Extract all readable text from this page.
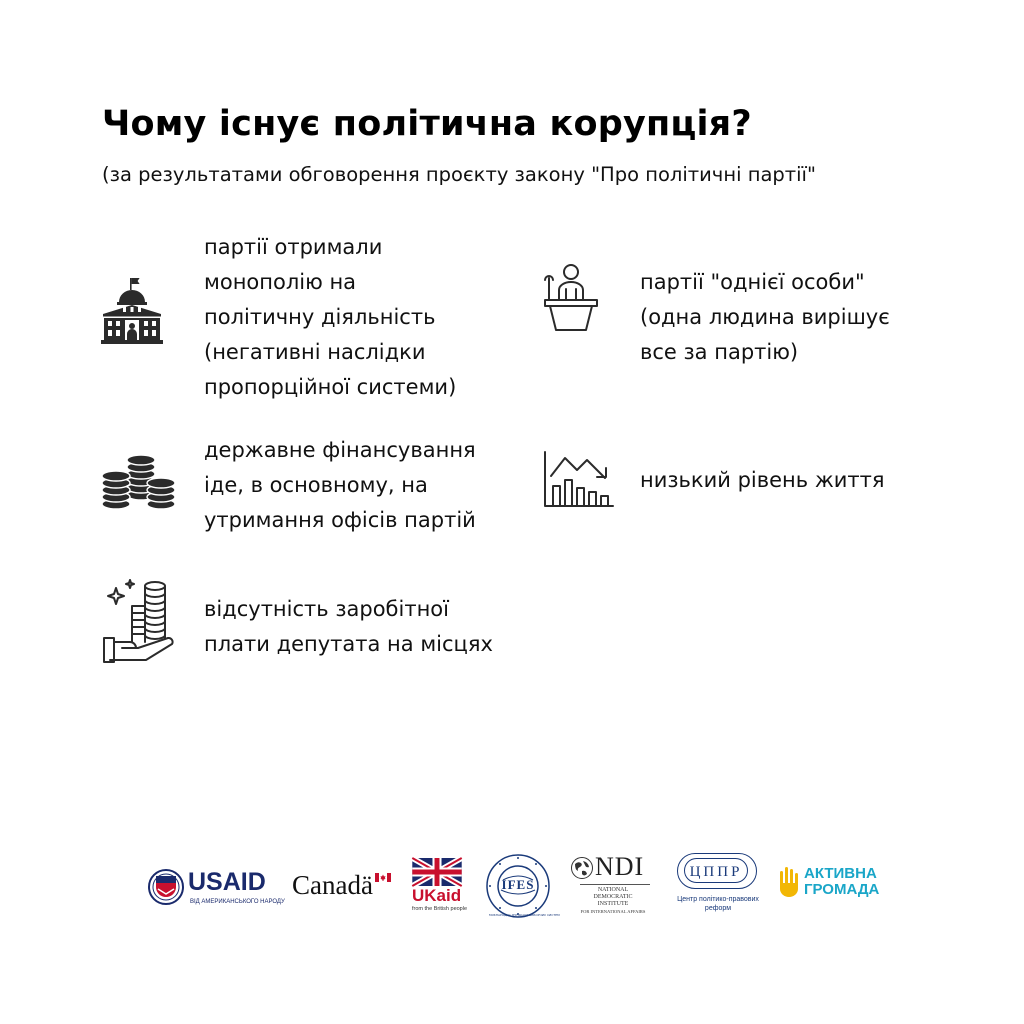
Чому існує політична корупція?
(за результатами обговорення проєкту закону "Про політичні партії"
партії отримали
монополію на
політичну діяльність
(негативні наслідки
пропорційної системи)
партії "однієї особи"
(одна людина вирішує
все за партію)
державне фінансування
іде, в основному, на
утримання офісів партій
низький рівень життя
відсутність заробітної
плати депутата на місцях
USAID
ВІД АМЕРИКАНСЬКОГО НАРОДУ
Canadä	UKaid
from the British people
IFES
МІЖНАРОДНА ФУНДАЦІЯ ВИБОРЧИХ СИСТЕМ
NDI
NATIONAL
DEMOCRATIC
INSTITUTE
FOR INTERNATIONAL AFFAIRS
ЦППР
Центр політико-правових
реформ
АКТИВНА
ГРОМАДА
